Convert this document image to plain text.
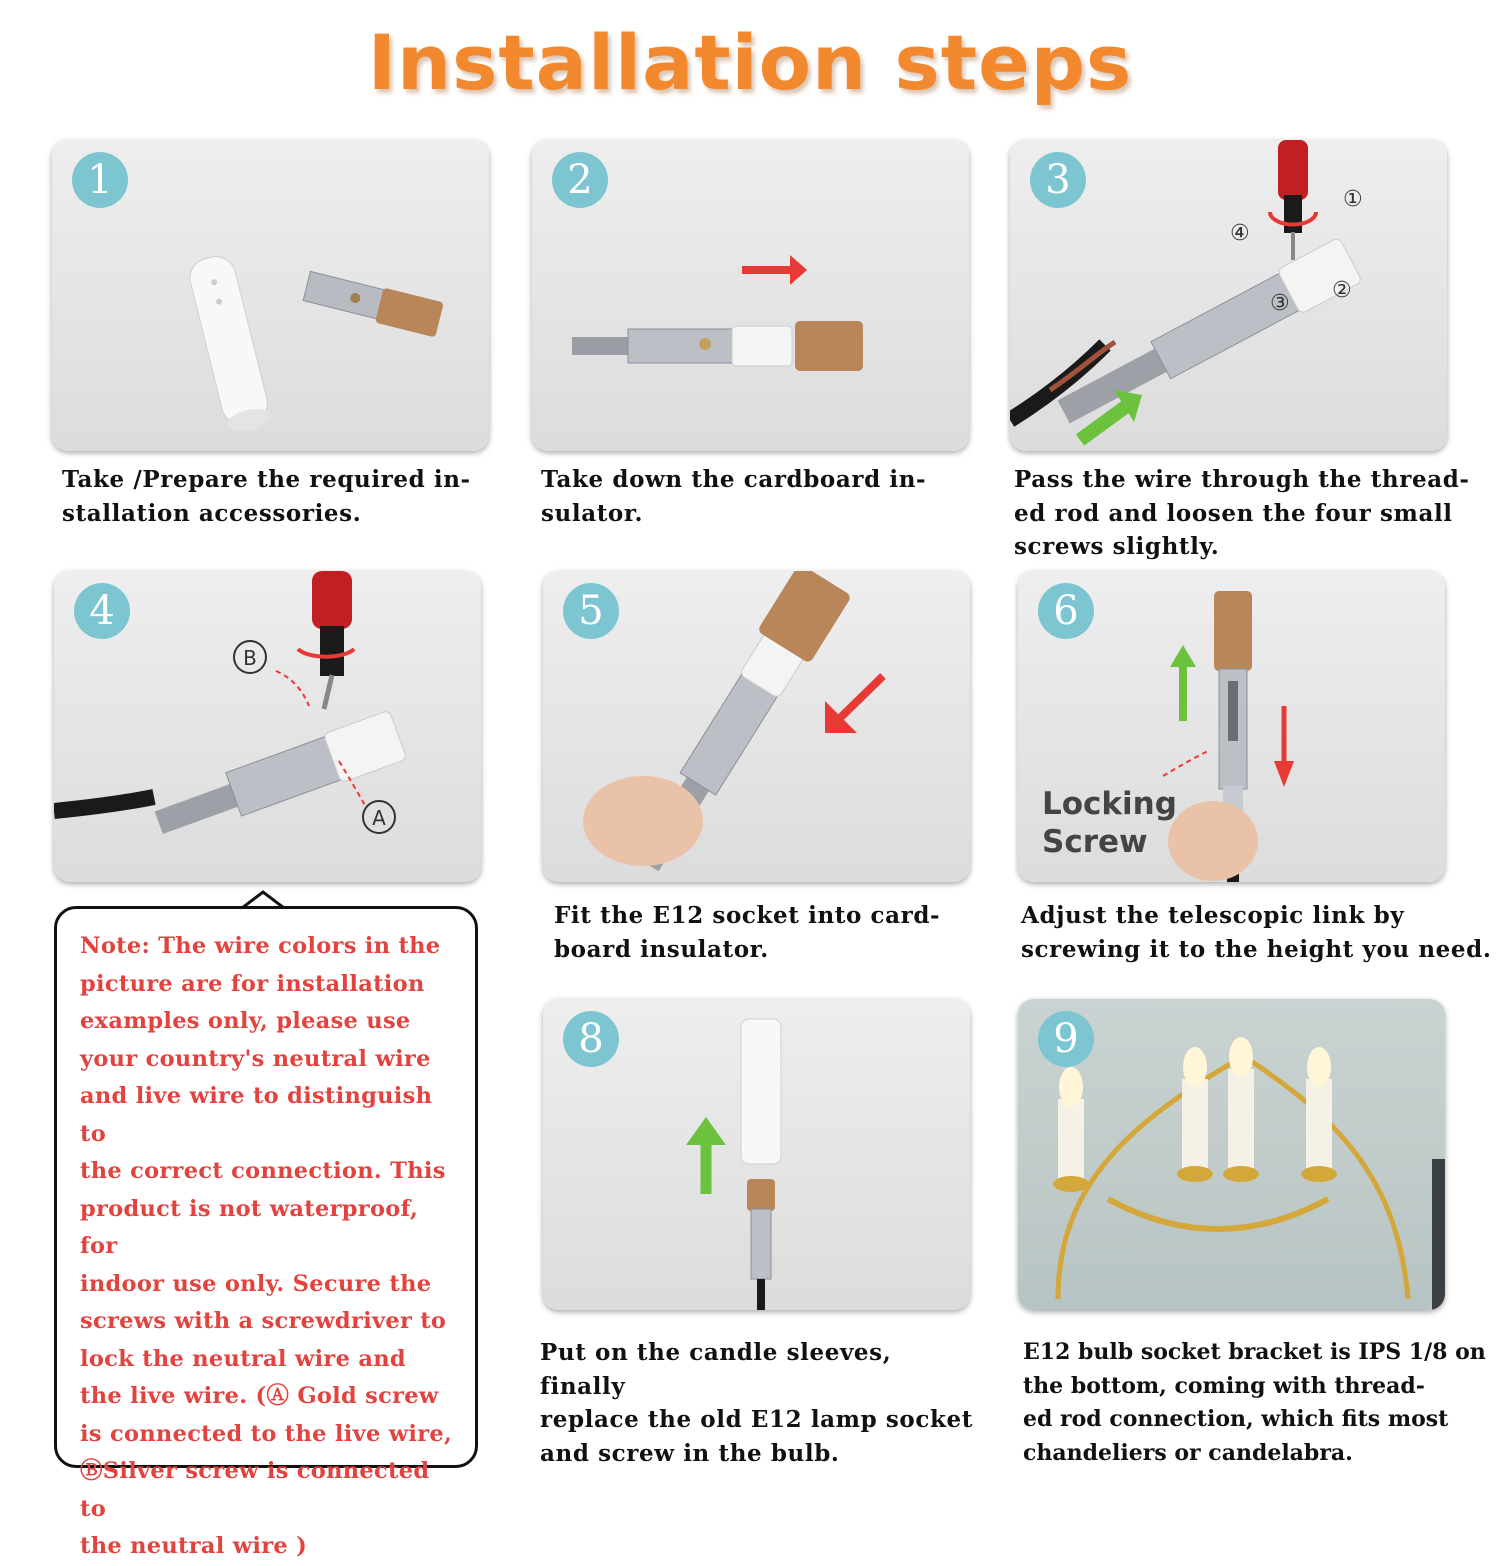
Installation steps
1
Take /Prepare the required in-
stallation accessories.
2
Take down the cardboard in-
sulator.
①
②
③
④
3
Pass the wire through the thread-
ed rod and loosen the four small
screws slightly.
B
A
4
Note: The wire colors in the
picture are for installation
examples only, please use
your country's neutral wire
and live wire to distinguish to
the correct connection. This
product is not waterproof, for
indoor use only. Secure the
screws with a screwdriver to
lock the neutral wire and
the live wire. (Ⓐ Gold screw
is connected to the live wire,
ⒷSilver screw is connected to
the neutral wire )
5
Fit the E12 socket into card-
board insulator.
Locking
Screw
6
Adjust the telescopic link by
screwing it to the height you need.
8
Put on the candle sleeves, finally
replace the old E12 lamp socket
and screw in the bulb.
9
E12 bulb socket bracket is IPS 1/8 on
the bottom, coming with thread-
ed rod connection, which fits most
chandeliers or candelabra.
